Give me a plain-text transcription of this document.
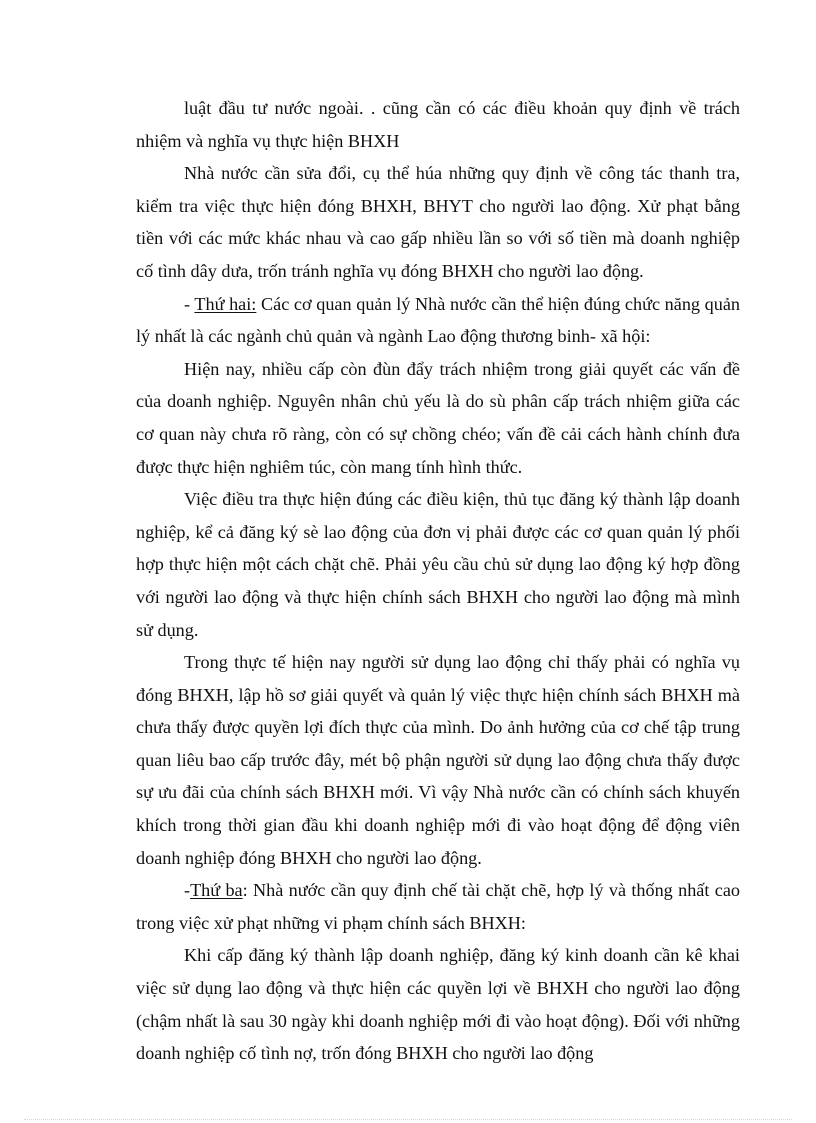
luật đầu tư nước ngoài. . cũng cần có các điều khoản quy định về trách nhiệm và nghĩa vụ thực hiện BHXH

Nhà nước cần sửa đổi, cụ thể húa những quy định về công tác thanh tra, kiểm tra việc thực hiện đóng BHXH, BHYT cho người lao động. Xử phạt bằng tiền với các mức khác nhau và cao gấp nhiều lần so với số tiền mà doanh nghiệp cố tình dây dưa, trốn tránh nghĩa vụ đóng BHXH cho người lao động.

- Thứ hai: Các cơ quan quản lý Nhà nước cần thể hiện đúng chức năng quản lý nhất là các ngành chủ quản và ngành Lao động thương binh- xã hội:

Hiện nay, nhiều cấp còn đùn đẩy trách nhiệm trong giải quyết các vấn đề của doanh nghiệp. Nguyên nhân chủ yếu là do sù phân cấp trách nhiệm giữa các cơ quan này chưa rõ ràng, còn có sự chồng chéo; vấn đề cải cách hành chính đưa được thực hiện nghiêm túc, còn mang tính hình thức.

Việc điều tra thực hiện đúng các điều kiện, thủ tục đăng ký thành lập doanh nghiệp, kể cả đăng ký sè lao động của đơn vị phải được các cơ quan quản lý phối hợp thực hiện một cách chặt chẽ. Phải yêu cầu chủ sử dụng lao động ký hợp đồng với người lao động và thực hiện chính sách BHXH cho người lao động mà mình sử dụng.

Trong thực tế hiện nay người sử dụng lao động chỉ thấy phải có nghĩa vụ đóng BHXH, lập hồ sơ giải quyết và quản lý việc thực hiện chính sách BHXH mà chưa thấy được quyền lợi đích thực của mình. Do ảnh hưởng của cơ chế tập trung quan liêu bao cấp trước đây, mét bộ phận người sử dụng lao động chưa thấy được sự ưu đãi của chính sách BHXH mới. Vì vậy Nhà nước cần có chính sách khuyến khích trong thời gian đầu khi doanh nghiệp mới đi vào hoạt động để động viên doanh nghiệp đóng BHXH cho người lao động.

-Thứ ba: Nhà nước cần quy định chế tài chặt chẽ, hợp lý và thống nhất cao trong việc xử phạt những vi phạm chính sách BHXH:

Khi cấp đăng ký thành lập doanh nghiệp, đăng ký kinh doanh cần kê khai việc sử dụng lao động và thực hiện các quyền lợi về BHXH cho người lao động (chậm nhất là sau 30 ngày khi doanh nghiệp mới đi vào hoạt động). Đối với những doanh nghiệp cố tình nợ, trốn đóng BHXH cho người lao động
